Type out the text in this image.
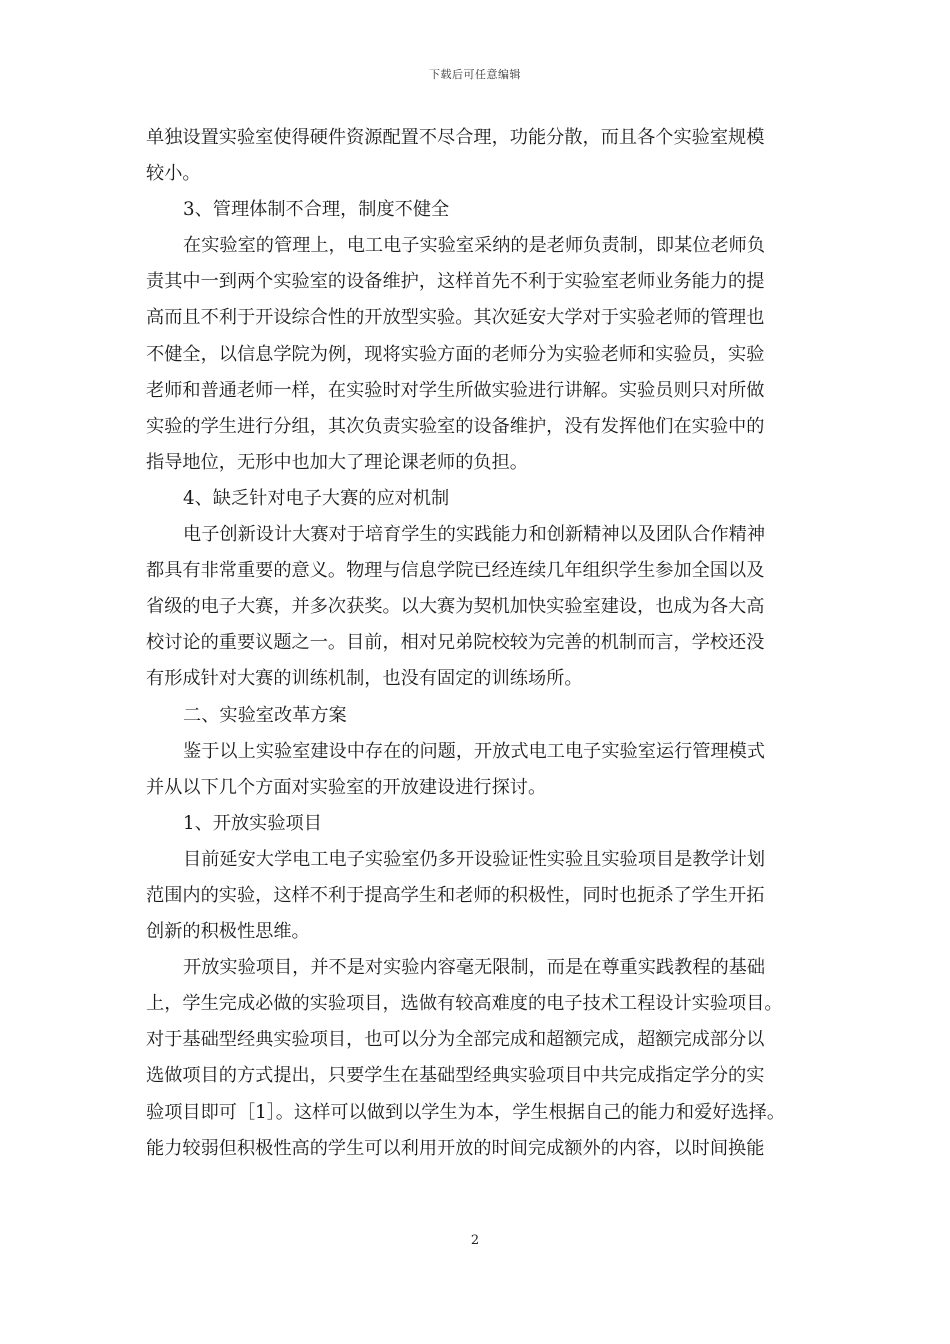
下载后可任意编辑
单独设置实验室使得硬件资源配置不尽合理，功能分散，而且各个实验室规模
较小。
3、管理体制不合理，制度不健全
在实验室的管理上，电工电子实验室采纳的是老师负责制，即某位老师负
责其中一到两个实验室的设备维护，这样首先不利于实验室老师业务能力的提
高而且不利于开设综合性的开放型实验。其次延安大学对于实验老师的管理也
不健全，以信息学院为例，现将实验方面的老师分为实验老师和实验员，实验
老师和普通老师一样，在实验时对学生所做实验进行讲解。实验员则只对所做
实验的学生进行分组，其次负责实验室的设备维护，没有发挥他们在实验中的
指导地位，无形中也加大了理论课老师的负担。
4、缺乏针对电子大赛的应对机制
电子创新设计大赛对于培育学生的实践能力和创新精神以及团队合作精神
都具有非常重要的意义。物理与信息学院已经连续几年组织学生参加全国以及
省级的电子大赛，并多次获奖。以大赛为契机加快实验室建设，也成为各大高
校讨论的重要议题之一。目前，相对兄弟院校较为完善的机制而言，学校还没
有形成针对大赛的训练机制，也没有固定的训练场所。
二、实验室改革方案
鉴于以上实验室建设中存在的问题，开放式电工电子实验室运行管理模式
并从以下几个方面对实验室的开放建设进行探讨。
1、开放实验项目
目前延安大学电工电子实验室仍多开设验证性实验且实验项目是教学计划
范围内的实验，这样不利于提高学生和老师的积极性，同时也扼杀了学生开拓
创新的积极性思维。
开放实验项目，并不是对实验内容毫无限制，而是在尊重实践教程的基础
上，学生完成必做的实验项目，选做有较高难度的电子技术工程设计实验项目。
对于基础型经典实验项目，也可以分为全部完成和超额完成，超额完成部分以
选做项目的方式提出，只要学生在基础型经典实验项目中共完成指定学分的实
验项目即可［1］。这样可以做到以学生为本，学生根据自己的能力和爱好选择。
能力较弱但积极性高的学生可以利用开放的时间完成额外的内容，以时间换能
2
